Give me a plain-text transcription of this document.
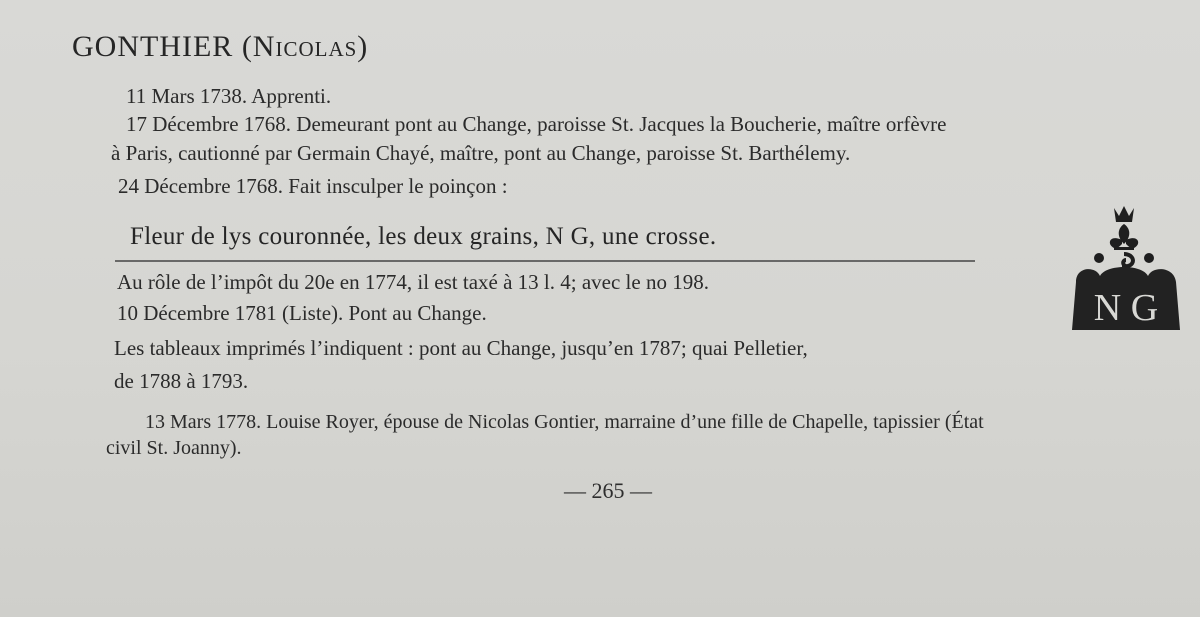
GONTHIER (Nicolas)
11 Mars 1738. Apprenti.
17 Décembre 1768. Demeurant pont au Change, paroisse St. Jacques la Boucherie, maître orfèvre
à Paris, cautionné par Germain Chayé, maître, pont au Change, paroisse St. Barthélemy.
24 Décembre 1768. Fait insculper le poinçon :
Fleur de lys couronnée, les deux grains, N G, une crosse.
Au rôle de l’impôt du 20e en 1774, il est taxé à 13 l. 4; avec le no 198.
10 Décembre 1781 (Liste). Pont au Change.
Les tableaux imprimés l’indiquent : pont au Change, jusqu’en 1787; quai Pelletier,
de 1788 à 1793.
13 Mars 1778. Louise Royer, épouse de Nicolas Gontier, marraine d’une fille de Chapelle, tapissier (État
civil St. Joanny).
— 265 —
N G
